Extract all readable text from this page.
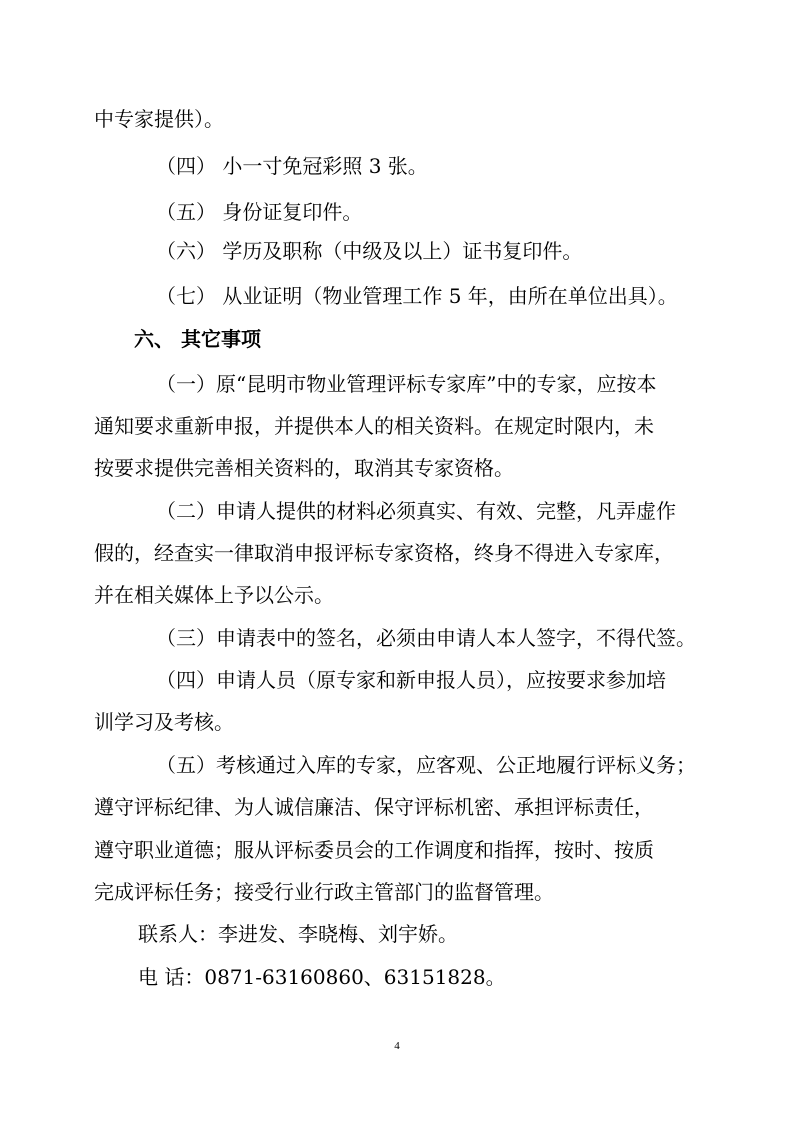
中专家提供）。
（四） 小一寸免冠彩照 3 张。
（五） 身份证复印件。
（六） 学历及职称（中级及以上）证书复印件。
（七） 从业证明（物业管理工作 5 年，由所在单位出具）。
六、 其它事项
（一）原“昆明市物业管理评标专家库”中的专家，应按本
通知要求重新申报，并提供本人的相关资料。在规定时限内，未
按要求提供完善相关资料的，取消其专家资格。
（二）申请人提供的材料必须真实、有效、完整，凡弄虚作
假的，经查实一律取消申报评标专家资格，终身不得进入专家库，
并在相关媒体上予以公示。
（三）申请表中的签名，必须由申请人本人签字，不得代签。
（四）申请人员（原专家和新申报人员），应按要求参加培
训学习及考核。
（五）考核通过入库的专家，应客观、公正地履行评标义务；
遵守评标纪律、为人诚信廉洁、保守评标机密、承担评标责任，
遵守职业道德；服从评标委员会的工作调度和指挥，按时、按质
完成评标任务；接受行业行政主管部门的监督管理。
联系人：李进发、李晓梅、刘宇娇。
电 话：0871-63160860、63151828。
4
